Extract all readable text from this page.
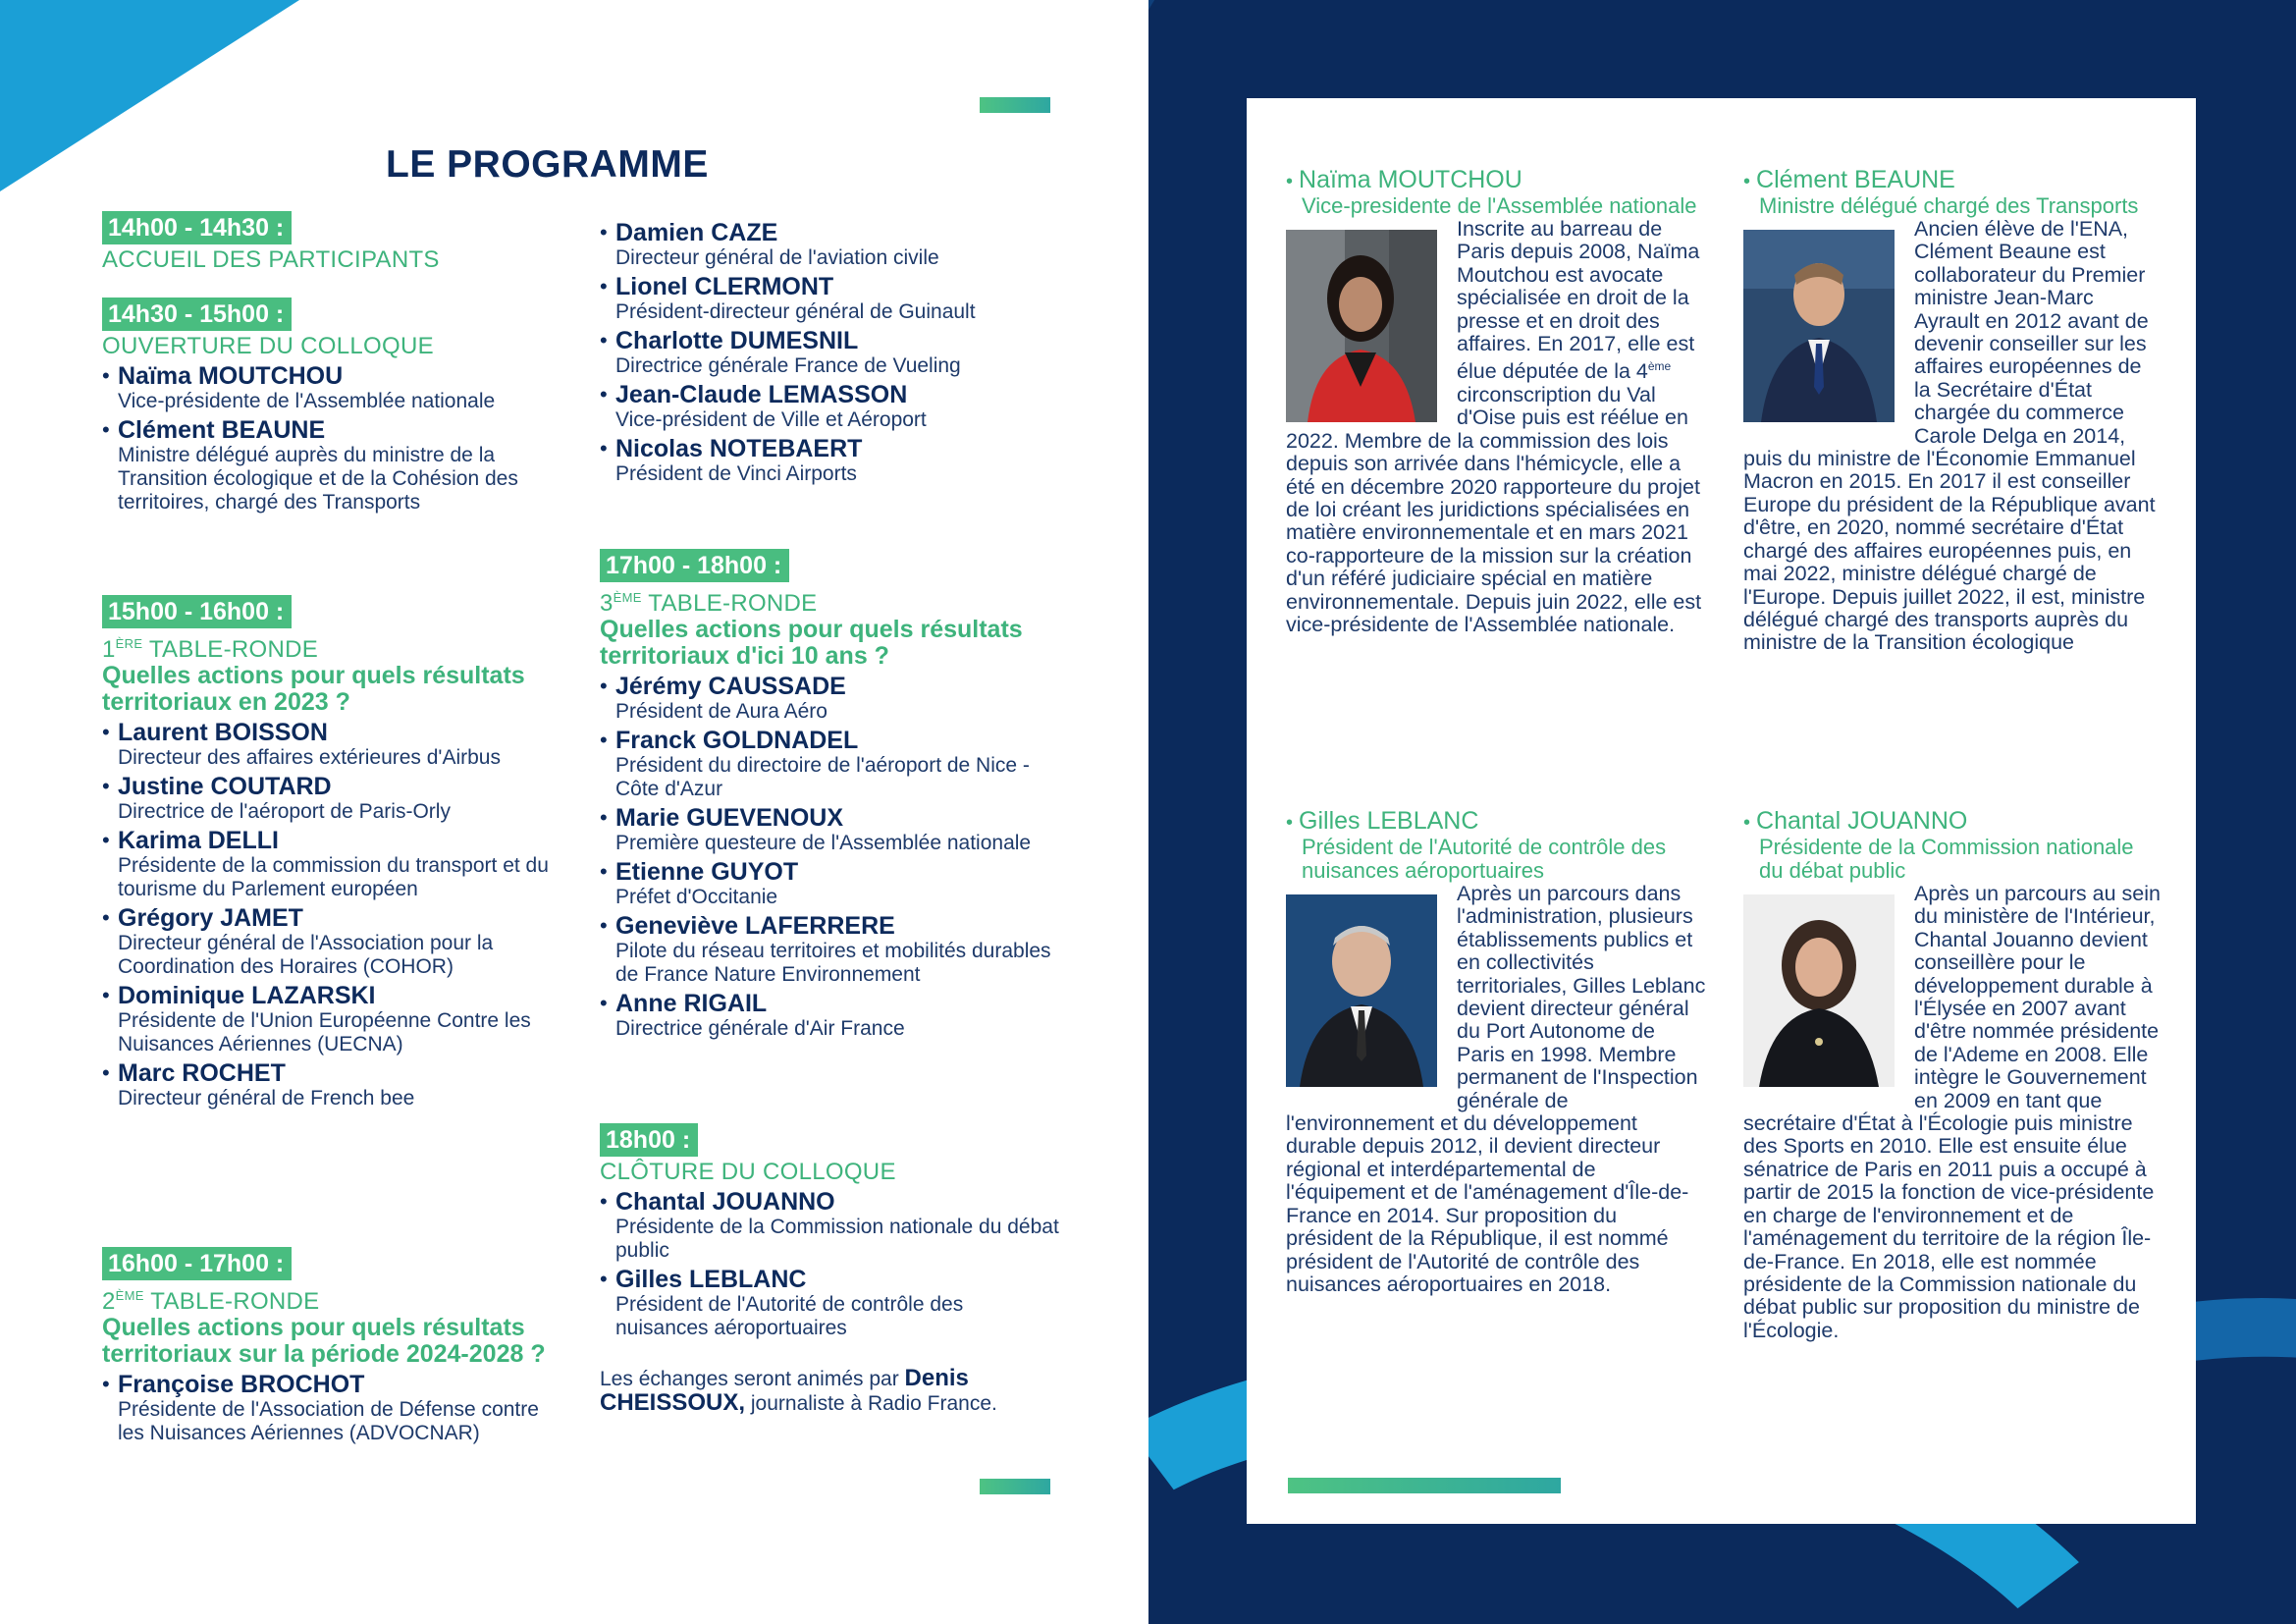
LE PROGRAMME
14h00 - 14h30 :
ACCUEIL DES PARTICIPANTS
14h30 - 15h00 :
OUVERTURE DU COLLOQUE
• Naïma MOUTCHOU
Vice-présidente de l'Assemblée nationale
• Clément BEAUNE
Ministre délégué auprès du ministre de la Transition écologique et de la Cohésion des territoires, chargé des Transports
15h00 - 16h00 :
1ÈRE TABLE-RONDE
Quelles actions pour quels résultats territoriaux en 2023 ?
• Laurent BOISSON
Directeur des affaires extérieures d'Airbus
• Justine COUTARD
Directrice de l'aéroport de Paris-Orly
• Karima DELLI
Présidente de la commission du transport et du tourisme du Parlement européen
• Grégory JAMET
Directeur général de l'Association pour la Coordination des Horaires (COHOR)
• Dominique LAZARSKI
Présidente de l'Union Européenne Contre les Nuisances Aériennes (UECNA)
• Marc ROCHET
Directeur général de French bee
16h00 - 17h00 :
2ÈME TABLE-RONDE
Quelles actions pour quels résultats territoriaux sur la période 2024-2028 ?
• Françoise BROCHOT
Présidente de l'Association de Défense contre les Nuisances Aériennes (ADVOCNAR)
• Damien CAZE
Directeur général de l'aviation civile
• Lionel CLERMONT
Président-directeur général de Guinault
• Charlotte DUMESNIL
Directrice générale France de Vueling
• Jean-Claude LEMASSON
Vice-président de Ville et Aéroport
• Nicolas NOTEBAERT
Président de Vinci Airports
17h00 - 18h00 :
3ÈME TABLE-RONDE
Quelles actions pour quels résultats territoriaux d'ici 10 ans ?
• Jérémy CAUSSADE
Président de Aura Aéro
• Franck GOLDNADEL
Président du directoire de l'aéroport de Nice - Côte d'Azur
• Marie GUEVENOUX
Première questeure de l'Assemblée nationale
• Etienne GUYOT
Préfet d'Occitanie
• Geneviève LAFERRERE
Pilote du réseau territoires et mobilités durables de France Nature Environnement
• Anne RIGAIL
Directrice générale d'Air France
18h00 :
CLÔTURE DU COLLOQUE
• Chantal JOUANNO
Présidente de la Commission nationale du débat public
• Gilles LEBLANC
Président de l'Autorité de contrôle des nuisances aéroportuaires
Les échanges seront animés par Denis CHEISSOUX, journaliste à Radio France.
• Naïma MOUTCHOU
Vice-presidente de l'Assemblée nationale
Inscrite au barreau de Paris depuis 2008, Naïma Moutchou est avocate spécialisée en droit de la presse et en droit des affaires. En 2017, elle est élue députée de la 4ème circonscription du Val d'Oise puis est réélue en 2022. Membre de la commission des lois depuis son arrivée dans l'hémicycle, elle a été en décembre 2020 rapporteure du projet de loi créant les juridictions spécialisées en matière environnementale et en mars 2021 co-rapporteure de la mission sur la création d'un référé judiciaire spécial en matière environnementale. Depuis juin 2022, elle est vice-présidente de l'Assemblée nationale.
• Clément BEAUNE
Ministre délégué chargé des Transports
Ancien élève de l'ENA, Clément Beaune est collaborateur du Premier ministre Jean-Marc Ayrault en 2012 avant de devenir conseiller sur les affaires européennes de la Secrétaire d'État chargée du commerce Carole Delga en 2014, puis du ministre de l'Économie Emmanuel Macron en 2015. En 2017 il est conseiller Europe du président de la République avant d'être, en 2020, nommé secrétaire d'État chargé des affaires européennes puis, en mai 2022, ministre délégué chargé de l'Europe. Depuis juillet 2022, il est, ministre délégué chargé des transports auprès du ministre de la Transition écologique
• Gilles LEBLANC
Président de l'Autorité de contrôle des nuisances aéroportuaires
Après un parcours dans l'administration, plusieurs établissements publics et en collectivités territoriales, Gilles Leblanc devient directeur général du Port Autonome de Paris en 1998. Membre permanent de l'Inspection générale de l'environnement et du développement durable depuis 2012, il devient directeur régional et interdépartemental de l'équipement et de l'aménagement d'Île-de-France en 2014. Sur proposition du président de la République, il est nommé président de l'Autorité de contrôle des nuisances aéroportuaires en 2018.
• Chantal JOUANNO
Présidente de la Commission nationale du débat public
Après un parcours au sein du ministère de l'Intérieur, Chantal Jouanno devient conseillère pour le développement durable à l'Élysée en 2007 avant d'être nommée présidente de l'Ademe en 2008. Elle intègre le Gouvernement en 2009 en tant que secrétaire d'État à l'Écologie puis ministre des Sports en 2010. Elle est ensuite élue sénatrice de Paris en 2011 puis a occupé à partir de 2015 la fonction de vice-présidente en charge de l'environnement et de l'aménagement du territoire de la région Île-de-France. En 2018, elle est nommée présidente de la Commission nationale du débat public sur proposition du ministre de l'Écologie.
